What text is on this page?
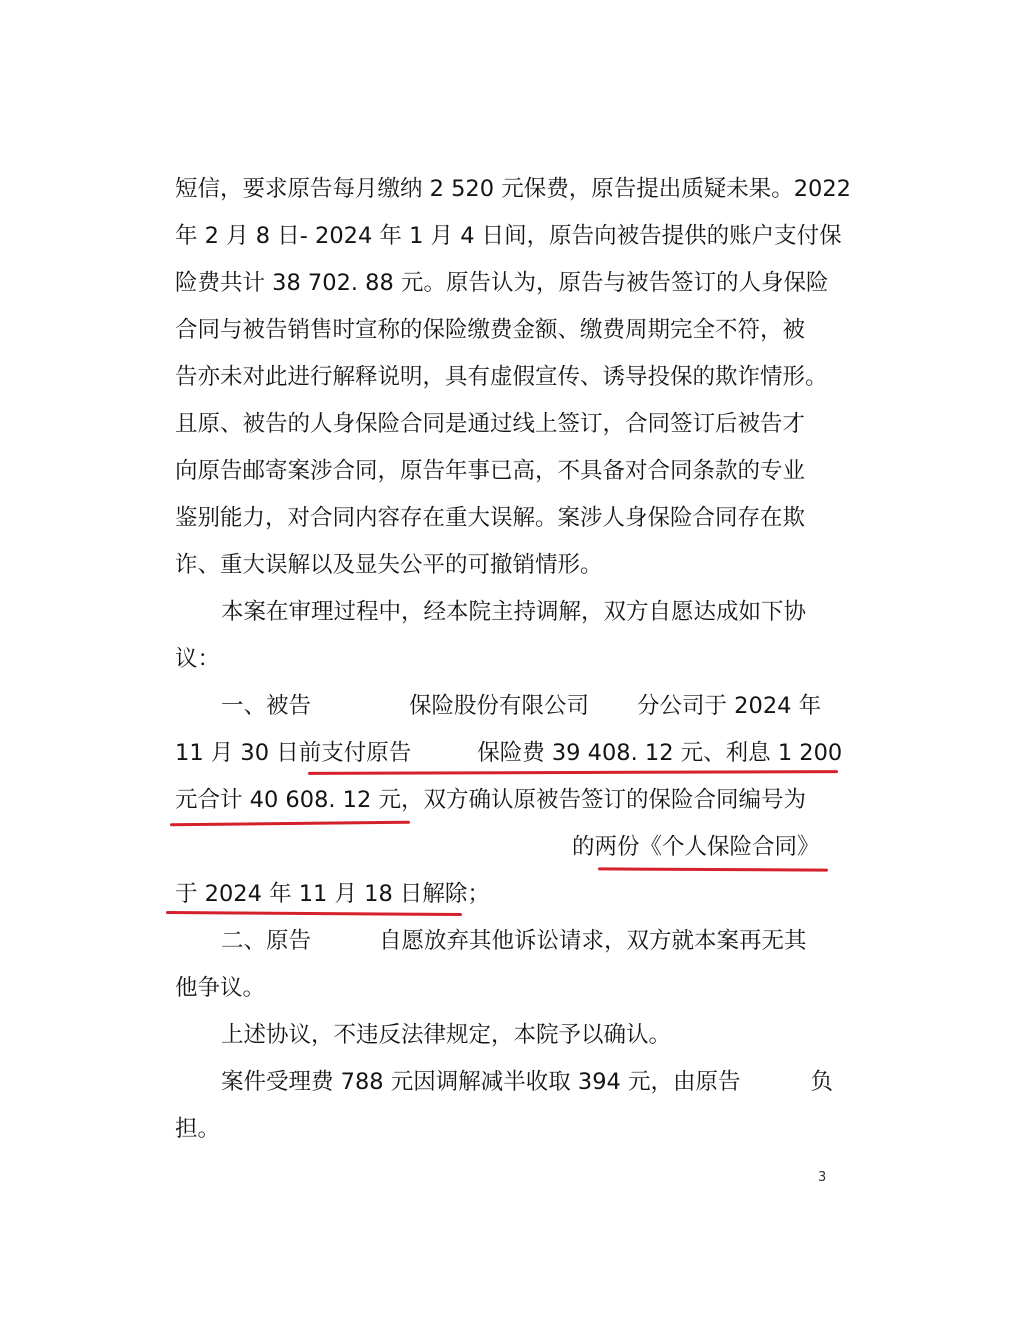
短信，要求原告每月缴纳 2 520 元保费，原告提出质疑未果。2022
年 2 月 8 日- 2024 年 1 月 4 日间，原告向被告提供的账户支付保
险费共计 38 702. 88 元。原告认为，原告与被告签订的人身保险
合同与被告销售时宣称的保险缴费金额、缴费周期完全不符，被
告亦未对此进行解释说明，具有虚假宣传、诱导投保的欺诈情形。
且原、被告的人身保险合同是通过线上签订，合同签订后被告才
向原告邮寄案涉合同，原告年事已高，不具备对合同条款的专业
鉴别能力，对合同内容存在重大误解。案涉人身保险合同存在欺
诈、重大误解以及显失公平的可撤销情形。
本案在审理过程中，经本院主持调解，双方自愿达成如下协
议：
一、被告	保险股份有限公司 分公司于 2024 年
11 月 30 日前支付原告	保险费 39 408. 12 元、利息 1 200
元合计 40 608. 12 元，双方确认原被告签订的保险合同编号为
的两份《个人保险合同》
于 2024 年 11 月 18 日解除；
二、原告	自愿放弃其他诉讼请求，双方就本案再无其
他争议。
上述协议，不违反法律规定，本院予以确认。
案件受理费 788 元因调解减半收取 394 元，由原告	负
担。
3
